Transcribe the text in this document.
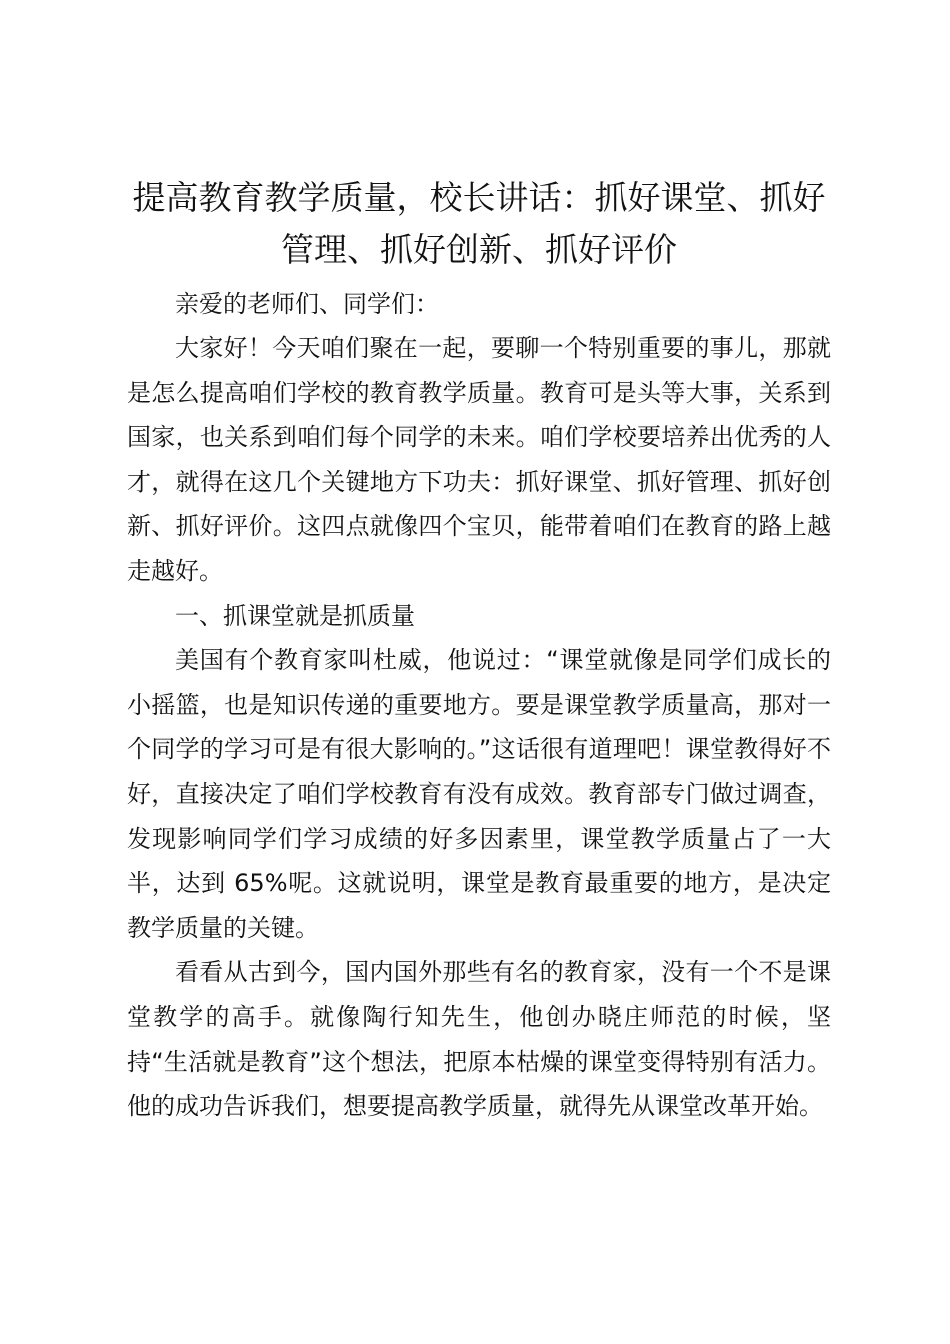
提高教育教学质量，校长讲话：抓好课堂、抓好管理、抓好创新、抓好评价

亲爱的老师们、同学们：

大家好！今天咱们聚在一起，要聊一个特别重要的事儿，那就是怎么提高咱们学校的教育教学质量。教育可是头等大事，关系到国家，也关系到咱们每个同学的未来。咱们学校要培养出优秀的人才，就得在这几个关键地方下功夫：抓好课堂、抓好管理、抓好创新、抓好评价。这四点就像四个宝贝，能带着咱们在教育的路上越走越好。

一、抓课堂就是抓质量

美国有个教育家叫杜威，他说过：“课堂就像是同学们成长的小摇篮，也是知识传递的重要地方。要是课堂教学质量高，那对一个同学的学习可是有很大影响的。”这话很有道理吧！课堂教得好不好，直接决定了咱们学校教育有没有成效。教育部专门做过调查，发现影响同学们学习成绩的好多因素里，课堂教学质量占了一大半，达到 65%呢。这就说明，课堂是教育最重要的地方，是决定教学质量的关键。

看看从古到今，国内国外那些有名的教育家，没有一个不是课堂教学的高手。就像陶行知先生，他创办晓庄师范的时候，坚持“生活就是教育”这个想法，把原本枯燥的课堂变得特别有活力。他的成功告诉我们，想要提高教学质量，就得先从课堂改革开始。
